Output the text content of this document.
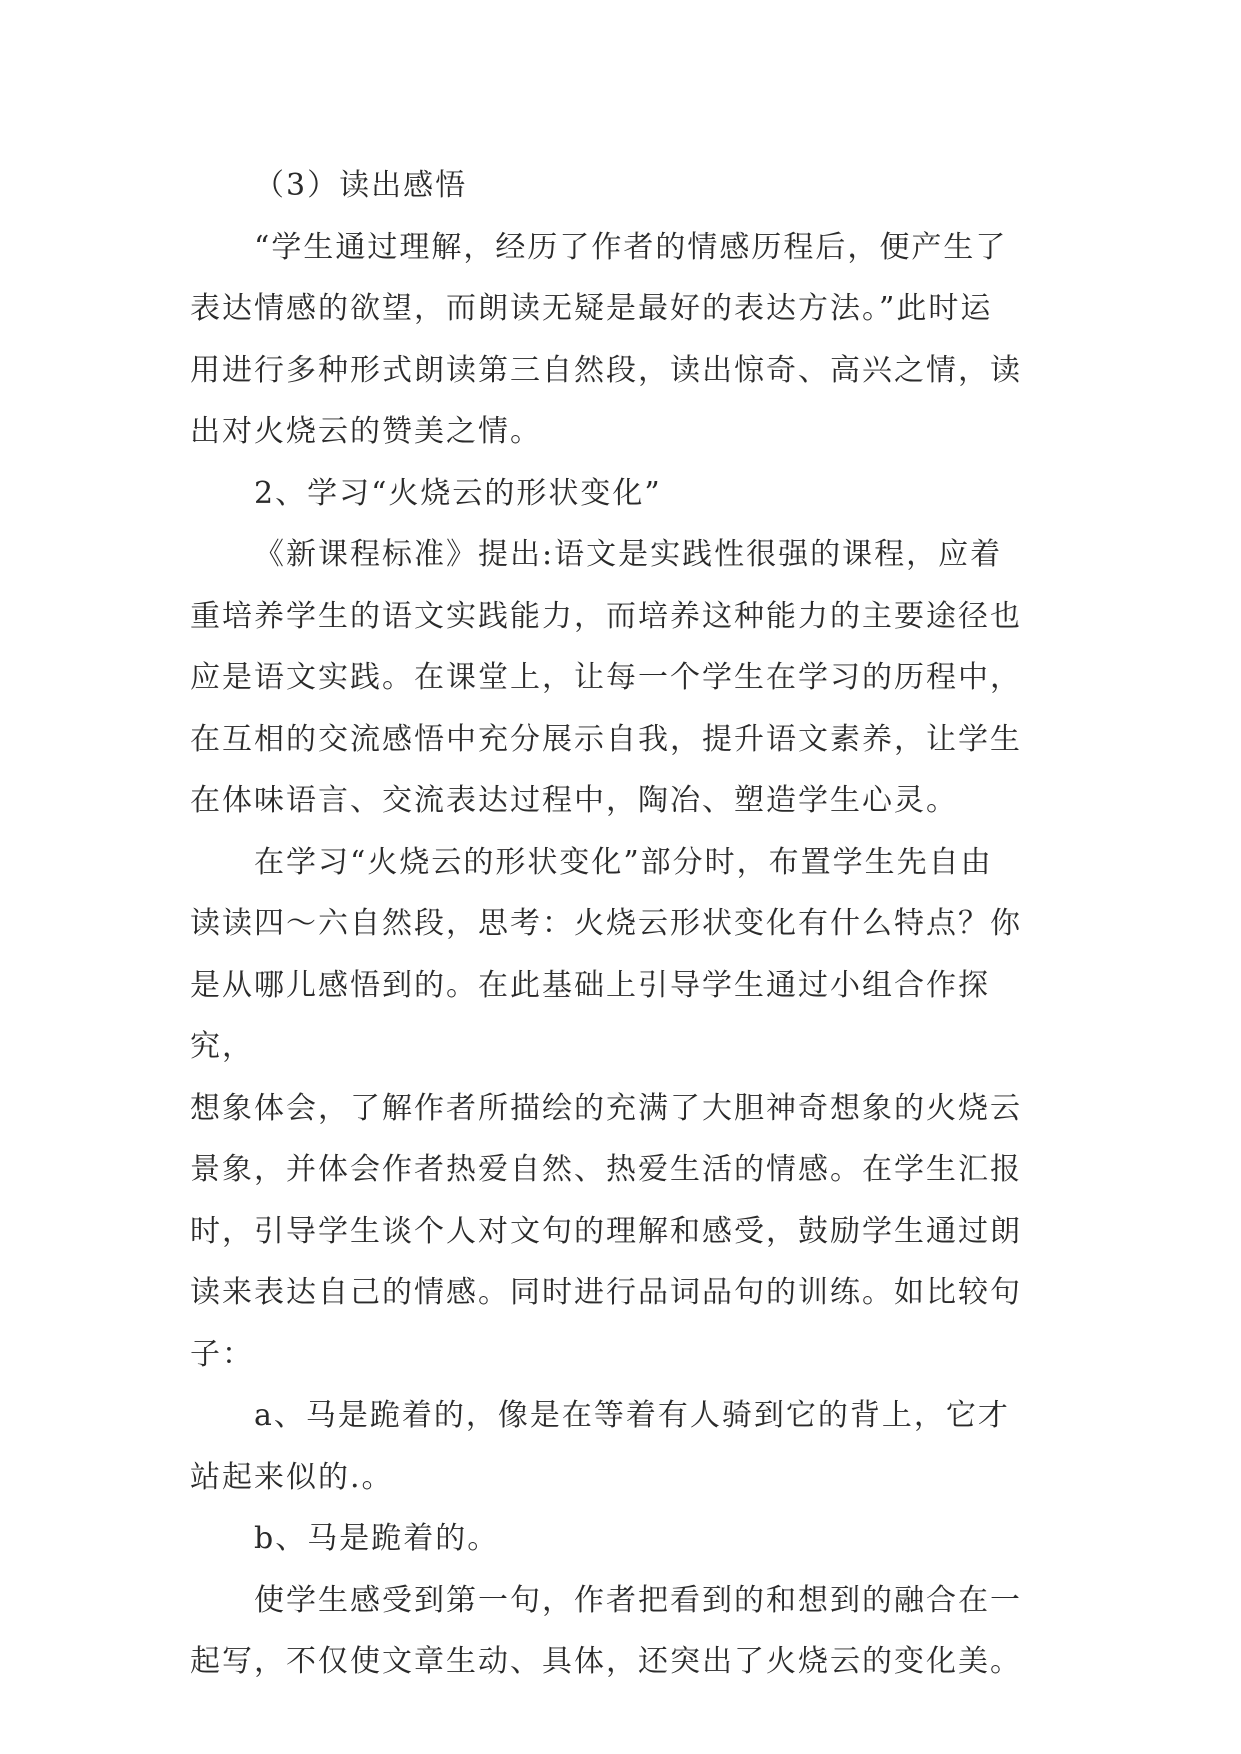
（3）读出感悟

“学生通过理解，经历了作者的情感历程后，便产生了
表达情感的欲望，而朗读无疑是最好的表达方法。”此时运
用进行多种形式朗读第三自然段，读出惊奇、高兴之情，读
出对火烧云的赞美之情。

2、学习“火烧云的形状变化”

《新课程标准》提出:语文是实践性很强的课程，应着
重培养学生的语文实践能力，而培养这种能力的主要途径也
应是语文实践。在课堂上，让每一个学生在学习的历程中，
在互相的交流感悟中充分展示自我，提升语文素养，让学生
在体味语言、交流表达过程中，陶冶、塑造学生心灵。

在学习“火烧云的形状变化”部分时，布置学生先自由
读读四～六自然段，思考：火烧云形状变化有什么特点？你
是从哪儿感悟到的。在此基础上引导学生通过小组合作探究，
想象体会，了解作者所描绘的充满了大胆神奇想象的火烧云
景象，并体会作者热爱自然、热爱生活的情感。在学生汇报
时，引导学生谈个人对文句的理解和感受，鼓励学生通过朗
读来表达自己的情感。同时进行品词品句的训练。如比较句
子：

a、马是跪着的，像是在等着有人骑到它的背上，它才
站起来似的.。

b、马是跪着的。

使学生感受到第一句，作者把看到的和想到的融合在一
起写，不仅使文章生动、具体，还突出了火烧云的变化美。
